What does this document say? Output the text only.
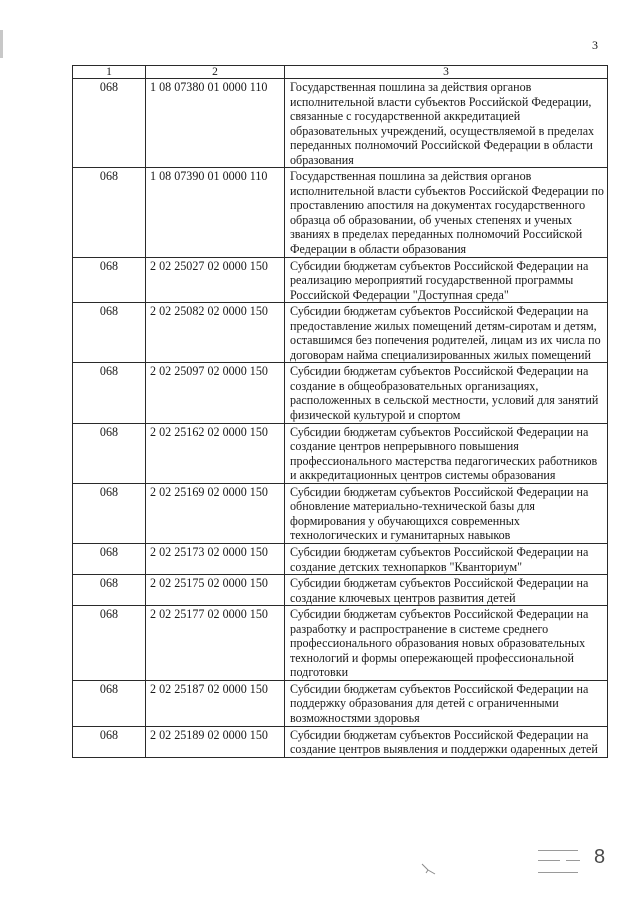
3
1	2	3
068	1 08 07380 01 0000 110	Государственная пошлина за действия органов исполнительной власти субъектов Российской Федерации, связанные с государственной аккредитацией образовательных учреждений, осуществляемой в пределах переданных полномочий Российской Федерации в области образования
068	1 08 07390 01 0000 110	Государственная пошлина за действия органов исполнительной власти субъектов Российской Федерации по проставлению апостиля на документах государственного образца об образовании, об ученых степенях и ученых званиях в пределах переданных полномочий Российской Федерации в области образования
068	2 02 25027 02 0000 150	Субсидии бюджетам субъектов Российской Федерации на реализацию мероприятий государственной программы Российской Федерации "Доступная среда"
068	2 02 25082 02 0000 150	Субсидии бюджетам субъектов Российской Федерации на предоставление жилых помещений детям-сиротам и детям, оставшимся без попечения родителей, лицам из их числа по договорам найма специализированных жилых помещений
068	2 02 25097 02 0000 150	Субсидии бюджетам субъектов Российской Федерации на создание в общеобразовательных организациях, расположенных в сельской местности, условий для занятий физической культурой и спортом
068	2 02 25162 02 0000 150	Субсидии бюджетам субъектов Российской Федерации на создание центров непрерывного повышения профессионального мастерства педагогических работников и аккредитационных центров системы образования
068	2 02 25169 02 0000 150	Субсидии бюджетам субъектов Российской Федерации на обновление материально-технической базы для формирования у обучающихся современных технологических и гуманитарных навыков
068	2 02 25173 02 0000 150	Субсидии бюджетам субъектов Российской Федерации на создание детских технопарков "Кванториум"
068	2 02 25175 02 0000 150	Субсидии бюджетам субъектов Российской Федерации на создание ключевых центров развития детей
068	2 02 25177 02 0000 150	Субсидии бюджетам субъектов Российской Федерации на разработку и распространение в системе среднего профессионального образования новых образовательных технологий и формы опережающей профессиональной подготовки
068	2 02 25187 02 0000 150	Субсидии бюджетам субъектов Российской Федерации на поддержку образования для детей с ограниченными возможностями здоровья
068	2 02 25189 02 0000 150	Субсидии бюджетам субъектов Российской Федерации на создание центров выявления и поддержки одаренных детей
8
